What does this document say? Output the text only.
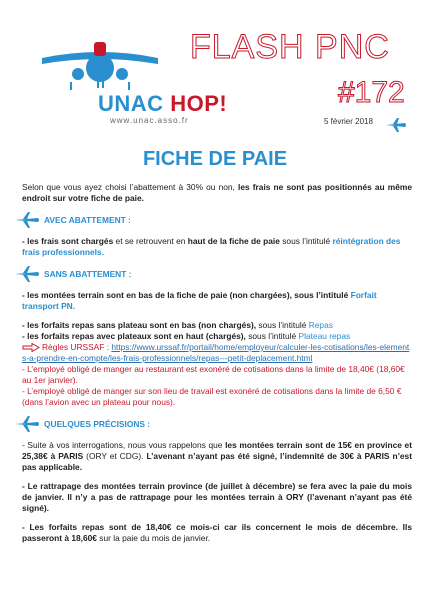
UNAC HOP!
www.unac.asso.fr
FLASH PNC
#172
5 février 2018
FICHE DE PAIE

Selon que vous ayez choisi l’abattement à 30% ou non, les frais ne sont pas positionnés au même endroit sur votre fiche de paie.

AVEC ABATTEMENT :

- les frais sont chargés et se retrouvent en haut de la fiche de paie sous l’intitulé réintégration des frais professionnels.

SANS ABATTEMENT :

- les montées terrain sont en bas de la fiche de paie (non chargées), sous l’intitulé Forfait transport PN.

- les forfaits repas sans plateau sont en bas (non chargés), sous l’intitulé Repas
- les forfaits repas avec plateaux sont en haut (chargés), sous l’intitulé Plateau repas
Règles URSSAF : https://www.urssaf.fr/portail/home/employeur/calculer-les-cotisations/les-elements-a-prendre-en-compte/les-frais-professionnels/repas---petit-deplacement.html
- L’employé obligé de manger au restaurant est exonéré de cotisations dans la limite de 18,40€ (18,60€ au 1er janvier).
- L’employé obligé de manger sur son lieu de travail est exonéré de cotisations dans la limite de 6,50 € (dans l’avion avec un plateau pour nous).
QUELQUES PRÉCISIONS :

- Suite à vos interrogations, nous vous rappelons que les montées terrain sont de 15€ en province et 25,38€ à PARIS (ORY et CDG). L’avenant n’ayant pas été signé, l’indemnité de 30€ à PARIS n’est pas applicable.

- Le rattrapage des montées terrain province (de juillet à décembre) se fera avec la paie du mois de janvier. Il n’y a pas de rattrapage pour les montées terrain à ORY (l’avenant n’ayant pas été signé).

- Les forfaits repas sont de 18,40€ ce mois-ci car ils concernent le mois de décembre. Ils passeront à 18,60€ sur la paie du mois de janvier.
